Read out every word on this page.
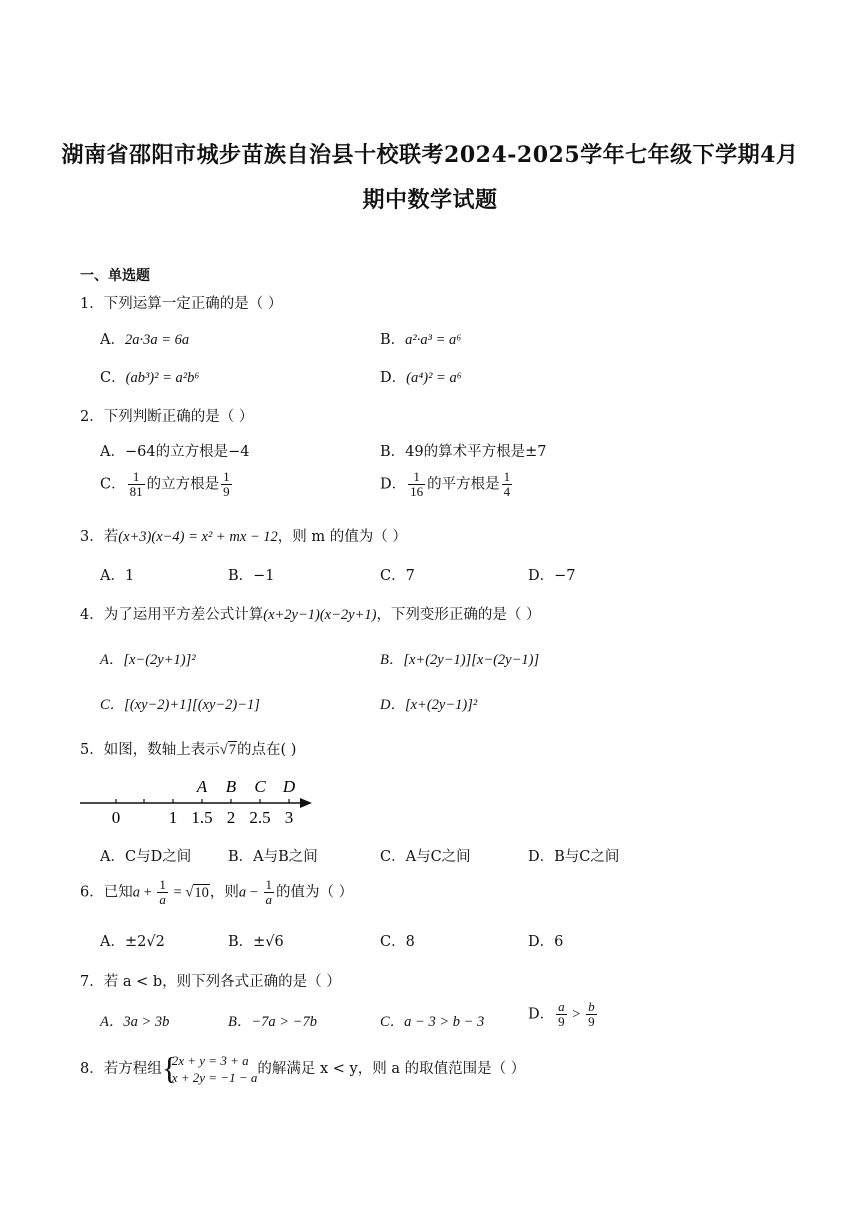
湖南省邵阳市城步苗族自治县十校联考2024-2025学年七年级下学期4月
期中数学试题
一、单选题
1．下列运算一定正确的是（ ）
A．2a·3a = 6a	B．a²·a³ = a⁶
C．(ab³)² = a²b⁶	D．(a⁴)² = a⁶
2．下列判断正确的是（ ）
A．−64的立方根是−4	B．49的算术平方根是±7
C． $\frac{1}{81}$ 的立方根是 $\frac{1}{9}$	D． $\frac{1}{16}$ 的平方根是 $\frac{1}{4}$
3．若(x+3)(x−4) = x² + mx − 12，则 m 的值为（ ）
A．1	B．−1	C．7	D．−7
4．为了运用平方差公式计算(x+2y−1)(x−2y+1)，下列变形正确的是（ ）
A．[x−(2y+1)]²	B．[x+(2y−1)][x−(2y−1)]
C．[(xy−2)+1][(xy−2)−1]	D．[x+(2y−1)]²
5．如图，数轴上表示√7的点在( )
A B C D
0	1 1.5 2 2.5 3
A．C与D之间	B．A与B之间	C．A与C之间	D．B与C之间
6．已知$a + \frac{1}{a} = √10$，则$a - \frac{1}{a}$ 的值为（ ）
A．±2√2	B．±√6	C．8	D．6
7．若 a < b，则下列各式正确的是（ ）
A．3a > 3b	B．−7a > −7b	C．a − 3 > b − 3	D． $\frac{a}{9} > \frac{b}{9}$
8．若方程组 {
2x + y = 3 + a
x + 2y = −1 − a
的解满足 x < y，则 a 的取值范围是（ ）
